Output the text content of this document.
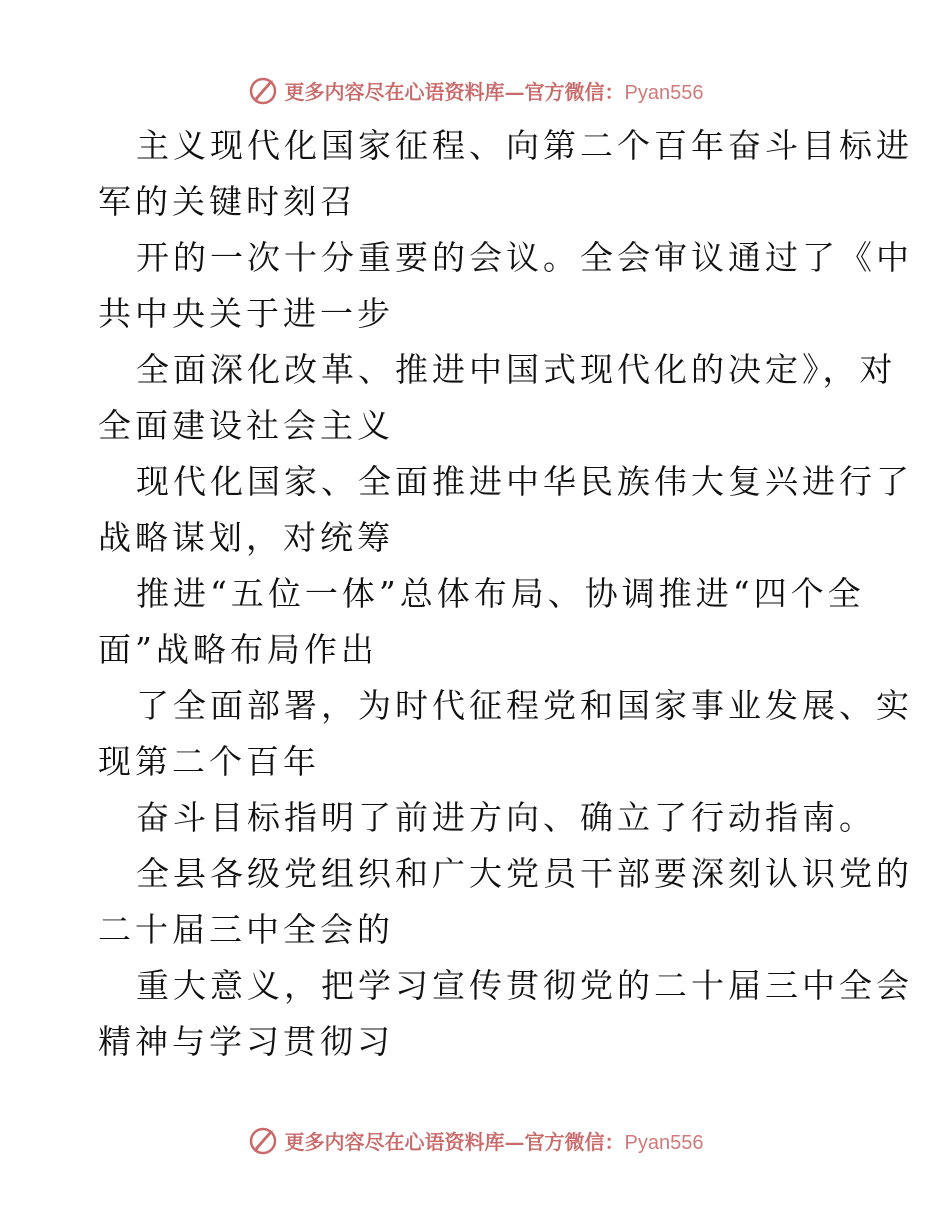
更多内容尽在心语资料库—官方微信：Pyan556
主义现代化国家征程、向第二个百年奋斗目标进
军的关键时刻召
开的一次十分重要的会议。全会审议通过了《中
共中央关于进一步
全面深化改革、推进中国式现代化的决定》，对
全面建设社会主义
现代化国家、全面推进中华民族伟大复兴进行了
战略谋划，对统筹
推进“五位一体”总体布局、协调推进“四个全
面”战略布局作出
了全面部署，为时代征程党和国家事业发展、实
现第二个百年
奋斗目标指明了前进方向、确立了行动指南。
全县各级党组织和广大党员干部要深刻认识党的
二十届三中全会的
重大意义，把学习宣传贯彻党的二十届三中全会
精神与学习贯彻习
更多内容尽在心语资料库—官方微信：Pyan556
